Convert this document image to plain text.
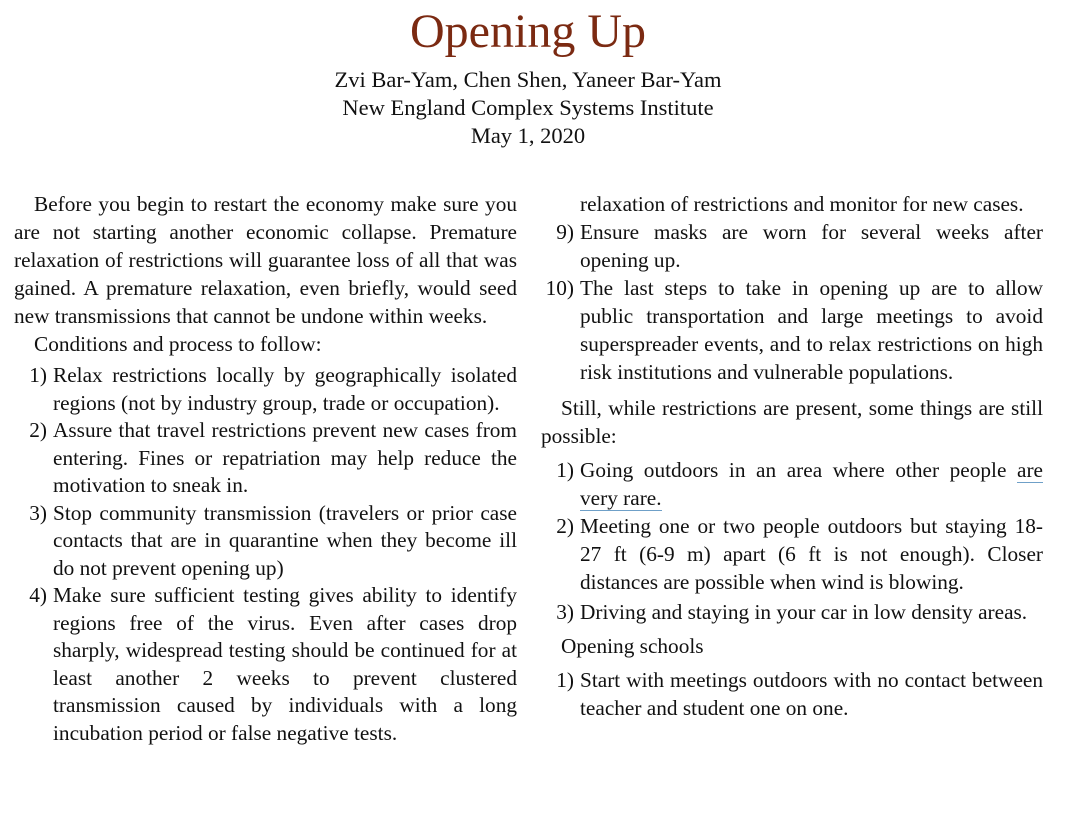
Opening Up
Zvi Bar-Yam, Chen Shen, Yaneer Bar-Yam
New England Complex Systems Institute
May 1, 2020

Before you begin to restart the economy make sure you are not starting another economic collapse. Premature relaxation of restrictions will guarantee loss of all that was gained. A premature relaxation, even briefly, would seed new transmissions that cannot be undone within weeks.

Conditions and process to follow:

1) Relax restrictions locally by geographically isolated regions (not by industry group, trade or occupation).
2) Assure that travel restrictions prevent new cases from entering. Fines or repatriation may help reduce the motivation to sneak in.
3) Stop community transmission (travelers or prior case contacts that are in quarantine when they become ill do not prevent opening up)
4) Make sure sufficient testing gives ability to identify regions free of the virus. Even after cases drop sharply, widespread testing should be continued for at least another 2 weeks to prevent clustered transmission caused by individuals with a long incubation period or false negative tests.
relaxation of restrictions and monitor for new cases.
9) Ensure masks are worn for several weeks after opening up.
10) The last steps to take in opening up are to allow public transportation and large meetings to avoid superspreader events, and to relax restrictions on high risk institutions and vulnerable populations.

Still, while restrictions are present, some things are still possible:

1) Going outdoors in an area where other people are very rare.
2) Meeting one or two people outdoors but staying 18-27 ft (6-9 m) apart (6 ft is not enough). Closer distances are possible when wind is blowing.
3) Driving and staying in your car in low density areas.

Opening schools

1) Start with meetings outdoors with no contact between teacher and student one on one.
